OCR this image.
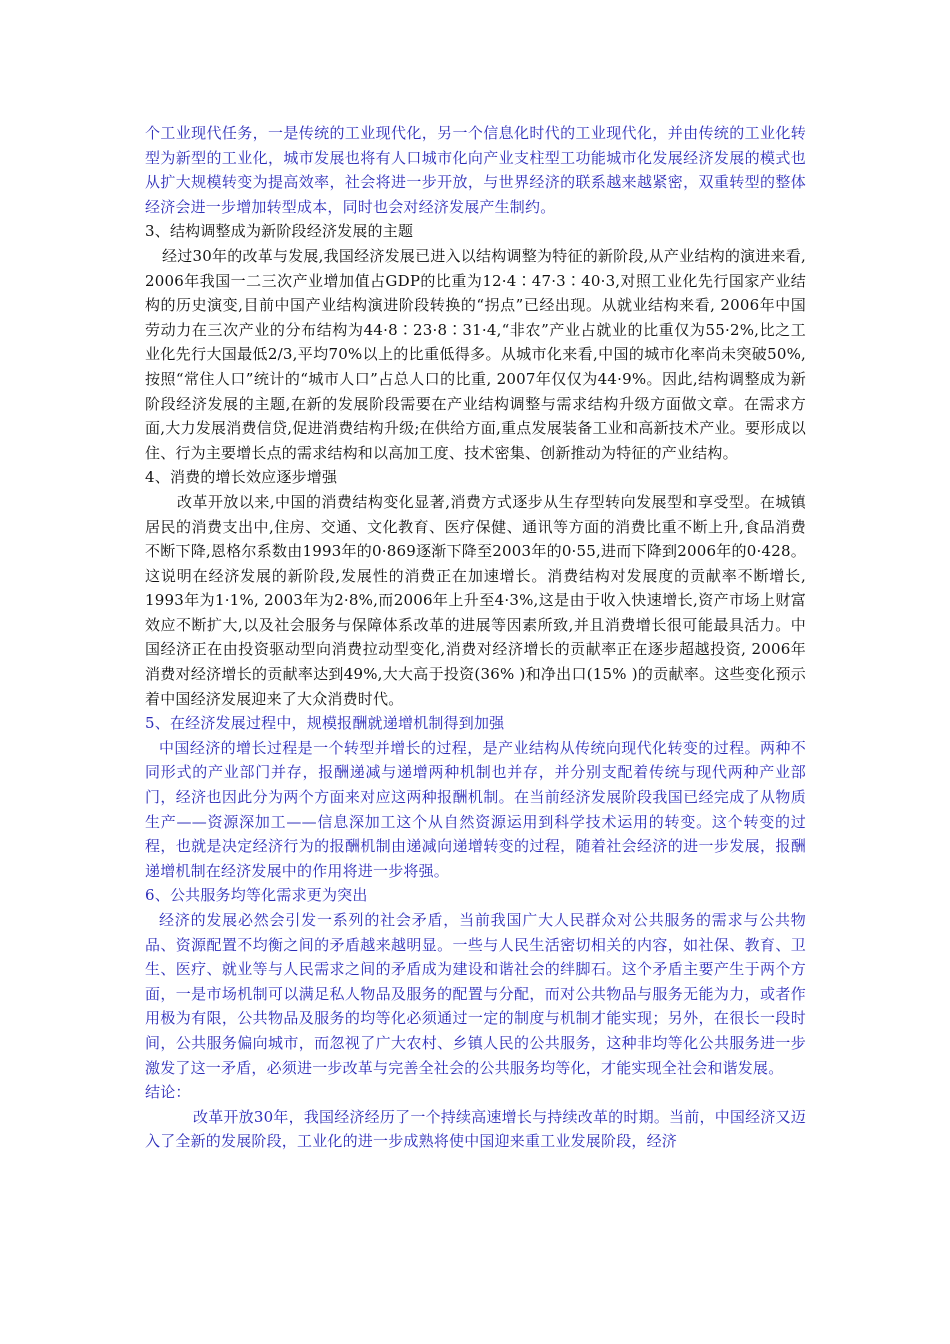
个工业现代任务，一是传统的工业现代化，另一个信息化时代的工业现代化，并由传统的工业化转型为新型的工业化，城市发展也将有人口城市化向产业支柱型工功能城市化发展经济发展的模式也从扩大规模转变为提高效率，社会将进一步开放，与世界经济的联系越来越紧密，双重转型的整体经济会进一步增加转型成本，同时也会对经济发展产生制约。

3、结构调整成为新阶段经济发展的主题

经过30年的改革与发展,我国经济发展已进入以结构调整为特征的新阶段,从产业结构的演进来看, 2006年我国一二三次产业增加值占GDP的比重为12·4∶47·3∶40·3,对照工业化先行国家产业结构的历史演变,目前中国产业结构演进阶段转换的“拐点”已经出现。从就业结构来看, 2006年中国劳动力在三次产业的分布结构为44·8∶23·8∶31·4,“非农”产业占就业的比重仅为55·2%,比之工业化先行大国最低2/3,平均70%以上的比重低得多。从城市化来看,中国的城市化率尚未突破50%,按照“常住人口”统计的“城市人口”占总人口的比重, 2007年仅仅为44·9%。因此,结构调整成为新阶段经济发展的主题,在新的发展阶段需要在产业结构调整与需求结构升级方面做文章。在需求方面,大力发展消费信贷,促进消费结构升级;在供给方面,重点发展装备工业和高新技术产业。要形成以住、行为主要增长点的需求结构和以高加工度、技术密集、创新推动为特征的产业结构。

4、消费的增长效应逐步增强

改革开放以来,中国的消费结构变化显著,消费方式逐步从生存型转向发展型和享受型。在城镇居民的消费支出中,住房、交通、文化教育、医疗保健、通讯等方面的消费比重不断上升,食品消费不断下降,恩格尔系数由1993年的0·869逐渐下降至2003年的0·55,进而下降到2006年的0·428。这说明在经济发展的新阶段,发展性的消费正在加速增长。消费结构对发展度的贡献率不断增长, 1993年为1·1%, 2003年为2·8%,而2006年上升至4·3%,这是由于收入快速增长,资产市场上财富效应不断扩大,以及社会服务与保障体系改革的进展等因素所致,并且消费增长很可能最具活力。中国经济正在由投资驱动型向消费拉动型变化,消费对经济增长的贡献率正在逐步超越投资, 2006年消费对经济增长的贡献率达到49%,大大高于投资(36% )和净出口(15% )的贡献率。这些变化预示着中国经济发展迎来了大众消费时代。

5、在经济发展过程中，规模报酬就递增机制得到加强

中国经济的增长过程是一个转型并增长的过程，是产业结构从传统向现代化转变的过程。两种不同形式的产业部门并存，报酬递减与递增两种机制也并存，并分别支配着传统与现代两种产业部门，经济也因此分为两个方面来对应这两种报酬机制。在当前经济发展阶段我国已经完成了从物质生产——资源深加工——信息深加工这个从自然资源运用到科学技术运用的转变。这个转变的过程，也就是决定经济行为的报酬机制由递减向递增转变的过程，随着社会经济的进一步发展，报酬递增机制在经济发展中的作用将进一步将强。

6、公共服务均等化需求更为突出

经济的发展必然会引发一系列的社会矛盾，当前我国广大人民群众对公共服务的需求与公共物品、资源配置不均衡之间的矛盾越来越明显。一些与人民生活密切相关的内容，如社保、教育、卫生、医疗、就业等与人民需求之间的矛盾成为建设和谐社会的绊脚石。这个矛盾主要产生于两个方面，一是市场机制可以满足私人物品及服务的配置与分配，而对公共物品与服务无能为力，或者作用极为有限，公共物品及服务的均等化必须通过一定的制度与机制才能实现；另外，在很长一段时间，公共服务偏向城市，而忽视了广大农村、乡镇人民的公共服务，这种非均等化公共服务进一步激发了这一矛盾，必须进一步改革与完善全社会的公共服务均等化，才能实现全社会和谐发展。

结论：

改革开放30年，我国经济经历了一个持续高速增长与持续改革的时期。当前，中国经济又迈入了全新的发展阶段，工业化的进一步成熟将使中国迎来重工业发展阶段，经济
